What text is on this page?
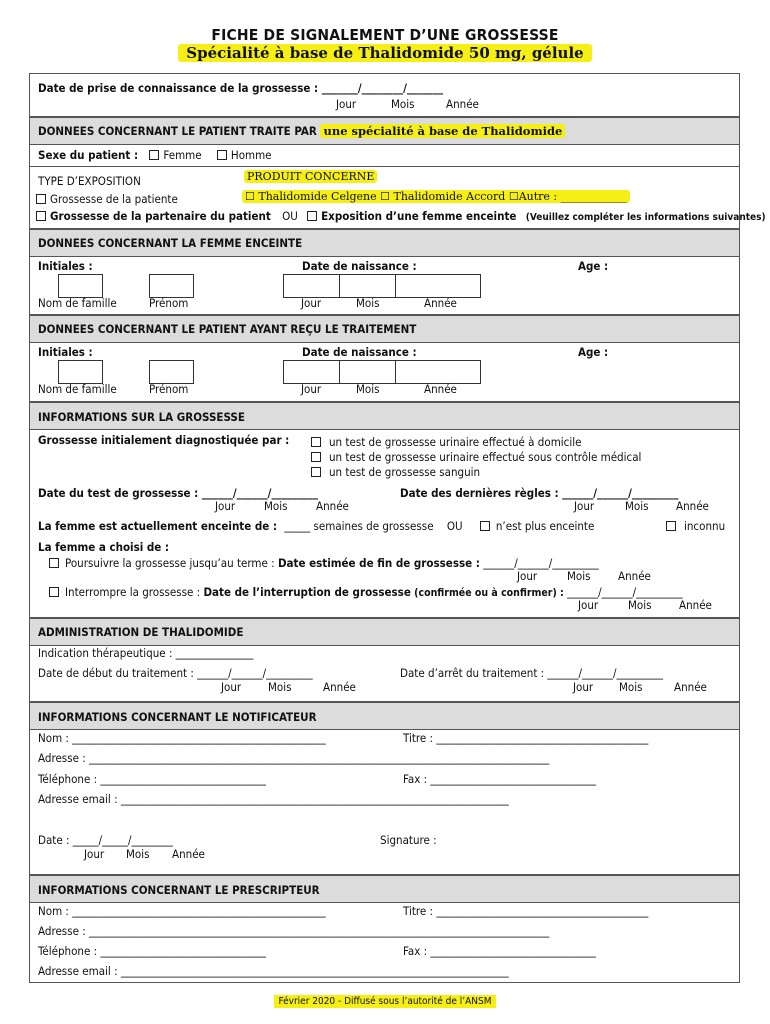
FICHE DE SIGNALEMENT D’UNE GROSSESSE
Spécialité à base de Thalidomide 50 mg, gélule
Date de prise de connaissance de la grossesse : _______/________/_______
Jour	Mois	Année
DONNEES CONCERNANT LE PATIENT TRAITE PAR une spécialité à base de Thalidomide
Sexe du patient : Femme	Homme
TYPE D’EXPOSITION	PRODUIT CONCERNE
Grossesse de la patiente	☐ Thalidomide Celgene ☐ Thalidomide Accord ☐Autre : ____________
Grossesse de la partenaire du patient OU Exposition d’une femme enceinte (Veuillez compléter les informations suivantes)
DONNEES CONCERNANT LA FEMME ENCEINTE
Initiales :	Date de naissance :	Age :
Nom de famille	Prénom	Jour	Mois	Année
DONNEES CONCERNANT LE PATIENT AYANT REÇU LE TRAITEMENT
Initiales :	Date de naissance :	Age :
Nom de famille	Prénom	Jour	Mois	Année
INFORMATIONS SUR LA GROSSESSE
Grossesse initialement diagnostiquée par :	un test de grossesse urinaire effectué à domicile
un test de grossesse urinaire effectué sous contrôle médical
un test de grossesse sanguin
Date du test de grossesse : ______/______/_________
Jour	Mois Année
Date des dernières règles : ______/______/_________
Jour	Mois Année
La femme est actuellement enceinte de : _____ semaines de grossesse OU	n’est plus enceinte	inconnu
La femme a choisi de :
Poursuivre la grossesse jusqu’au terme : Date estimée de fin de grossesse : ______/______/_________
Jour	Mois Année
Interrompre la grossesse : Date de l’interruption de grossesse (confirmée ou à confirmer) : ______/______/_________
Jour	Mois Année
ADMINISTRATION DE THALIDOMIDE
Indication thérapeutique : _______________
Date de début du traitement : ______/______/_________
Jour Mois	Année
Date d’arrêt du traitement : ______/______/_________
Jour Mois	Année
INFORMATIONS CONCERNANT LE NOTIFICATEUR
Nom : _________________________________________________	Titre : _________________________________________
Adresse : _________________________________________________________________________________________
Téléphone : ________________________________	Fax : ________________________________
Adresse email : ___________________________________________________________________________
Date : _____/_____/________
Jour Mois Année
Signature :
INFORMATIONS CONCERNANT LE PRESCRIPTEUR
Nom : _________________________________________________	Titre : _________________________________________
Adresse : _________________________________________________________________________________________
Téléphone : ________________________________	Fax : ________________________________
Adresse email : ___________________________________________________________________________
Février 2020 - Diffusé sous l’autorité de l’ANSM
